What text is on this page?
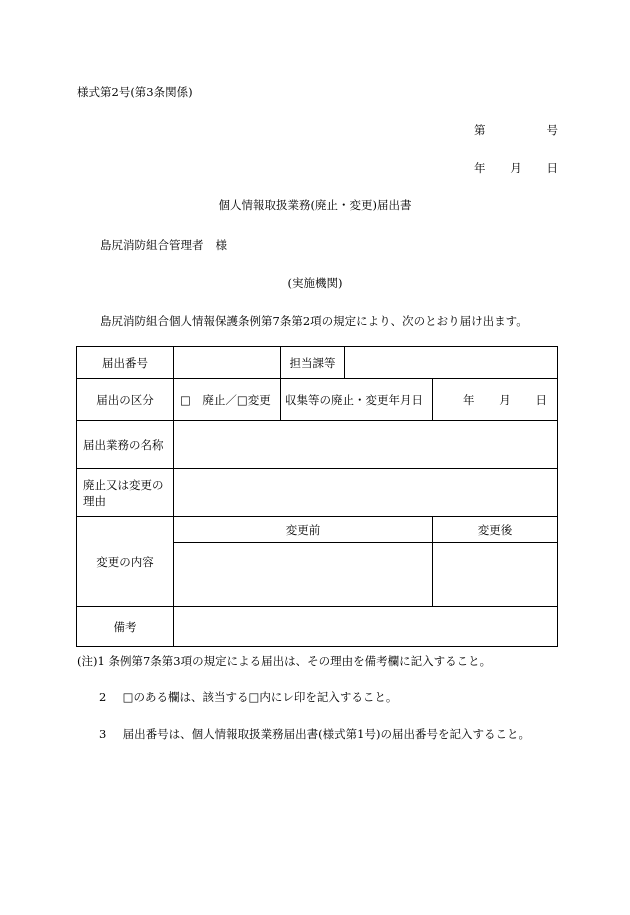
様式第2号(第3条関係)
第	号
年 月 日
個人情報取扱業務(廃止・変更)届出書
島尻消防組合管理者 様
(実施機関)
島尻消防組合個人情報保護条例第7条第2項の規定により、次のとおり届け出ます。
届出番号		担当課等		
届出の区分	□　廃止／□変更	収集等の廃止・変更年月日		年 月 日

届出業務の名称				
廃止又は変更の理由				
変更の内容	変更前			変更後

備考				
(注)1 条例第7条第3項の規定による届出は、その理由を備考欄に記入すること。
2 □のある欄は、該当する□内にレ印を記入すること。
3 届出番号は、個人情報取扱業務届出書(様式第1号)の届出番号を記入すること。
